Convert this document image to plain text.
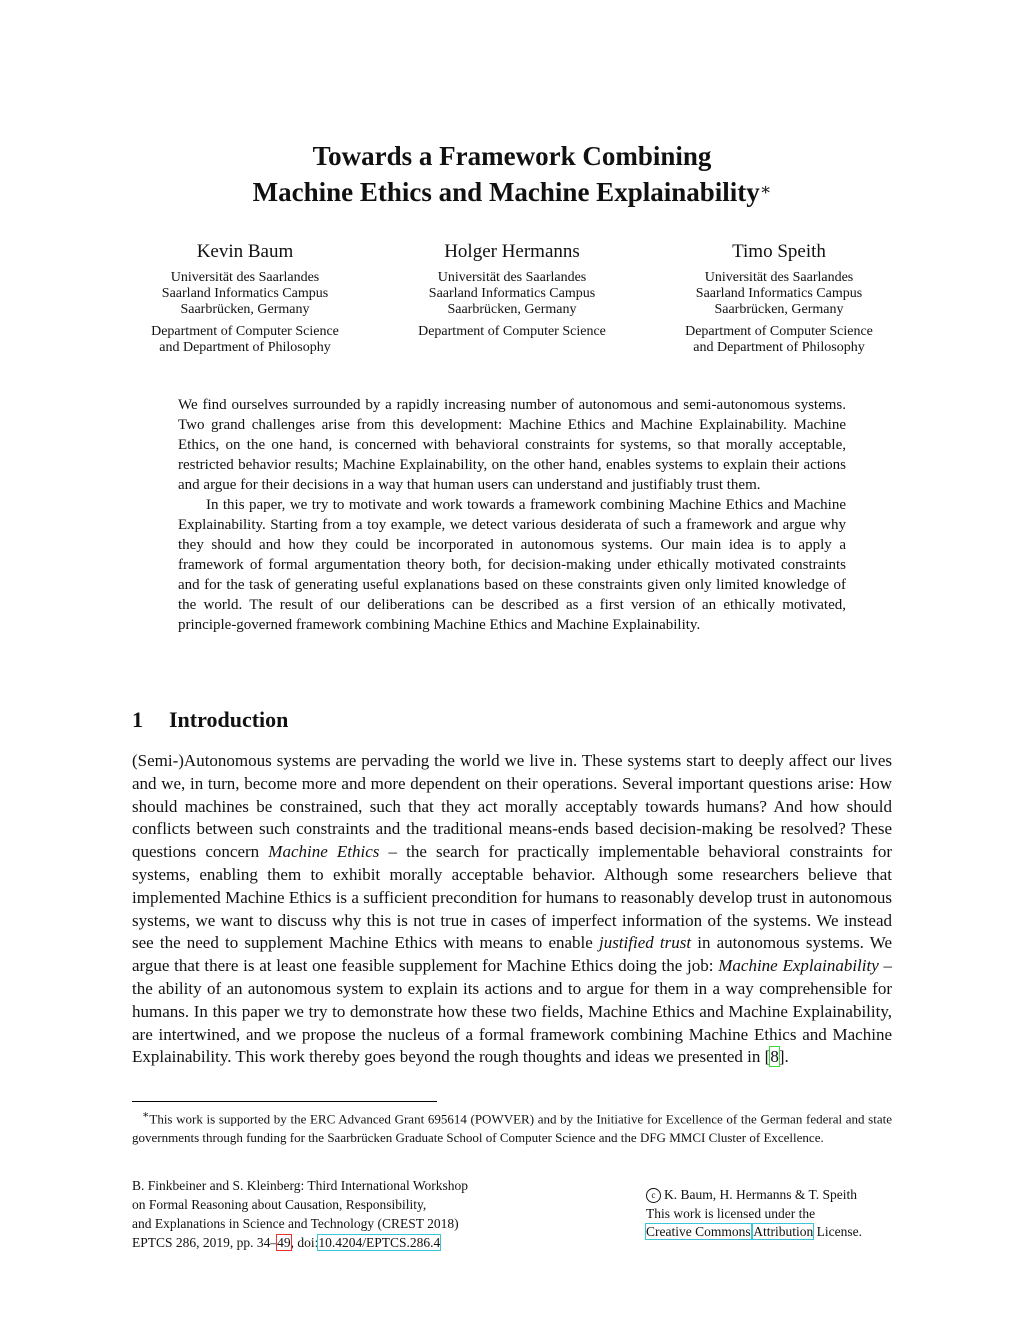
Towards a Framework Combining
Machine Ethics and Machine Explainability∗
Kevin Baum
Universität des Saarlandes
Saarland Informatics Campus
Saarbrücken, Germany
Department of Computer Science
and Department of Philosophy
Holger Hermanns
Universität des Saarlandes
Saarland Informatics Campus
Saarbrücken, Germany
Department of Computer Science
Timo Speith
Universität des Saarlandes
Saarland Informatics Campus
Saarbrücken, Germany
Department of Computer Science
and Department of Philosophy

We find ourselves surrounded by a rapidly increasing number of autonomous and semi-autonomous systems. Two grand challenges arise from this development: Machine Ethics and Machine Explainability. Machine Ethics, on the one hand, is concerned with behavioral constraints for systems, so that morally acceptable, restricted behavior results; Machine Explainability, on the other hand, enables systems to explain their actions and argue for their decisions in a way that human users can understand and justifiably trust them.

In this paper, we try to motivate and work towards a framework combining Machine Ethics and Machine Explainability. Starting from a toy example, we detect various desiderata of such a framework and argue why they should and how they could be incorporated in autonomous systems. Our main idea is to apply a framework of formal argumentation theory both, for decision-making under ethically motivated constraints and for the task of generating useful explanations based on these constraints given only limited knowledge of the world. The result of our deliberations can be described as a first version of an ethically motivated, principle-governed framework combining Machine Ethics and Machine Explainability.

1 Introduction

(Semi-)Autonomous systems are pervading the world we live in. These systems start to deeply affect our lives and we, in turn, become more and more dependent on their operations. Several important questions arise: How should machines be constrained, such that they act morally acceptably towards humans? And how should conflicts between such constraints and the traditional means-ends based decision-making be resolved? These questions concern Machine Ethics – the search for practically implementable behavioral constraints for systems, enabling them to exhibit morally acceptable behavior. Although some researchers believe that implemented Machine Ethics is a sufficient precondition for humans to reasonably develop trust in autonomous systems, we want to discuss why this is not true in cases of imperfect information of the systems. We instead see the need to supplement Machine Ethics with means to enable justified trust in autonomous systems. We argue that there is at least one feasible supplement for Machine Ethics doing the job: Machine Explainability – the ability of an autonomous system to explain its actions and to argue for them in a way comprehensible for humans. In this paper we try to demonstrate how these two fields, Machine Ethics and Machine Explainability, are intertwined, and we propose the nucleus of a formal framework combining Machine Ethics and Machine Explainability. This work thereby goes beyond the rough thoughts and ideas we presented in [8].

∗This work is supported by the ERC Advanced Grant 695614 (POWVER) and by the Initiative for Excellence of the German federal and state governments through funding for the Saarbrücken Graduate School of Computer Science and the DFG MMCI Cluster of Excellence.

B. Finkbeiner and S. Kleinberg: Third International Workshop
on Formal Reasoning about Causation, Responsibility,
and Explanations in Science and Technology (CREST 2018)
EPTCS 286, 2019, pp. 34–49, doi:10.4204/EPTCS.286.4
c K. Baum, H. Hermanns & T. Speith
This work is licensed under the
Creative Commons Attribution License.
